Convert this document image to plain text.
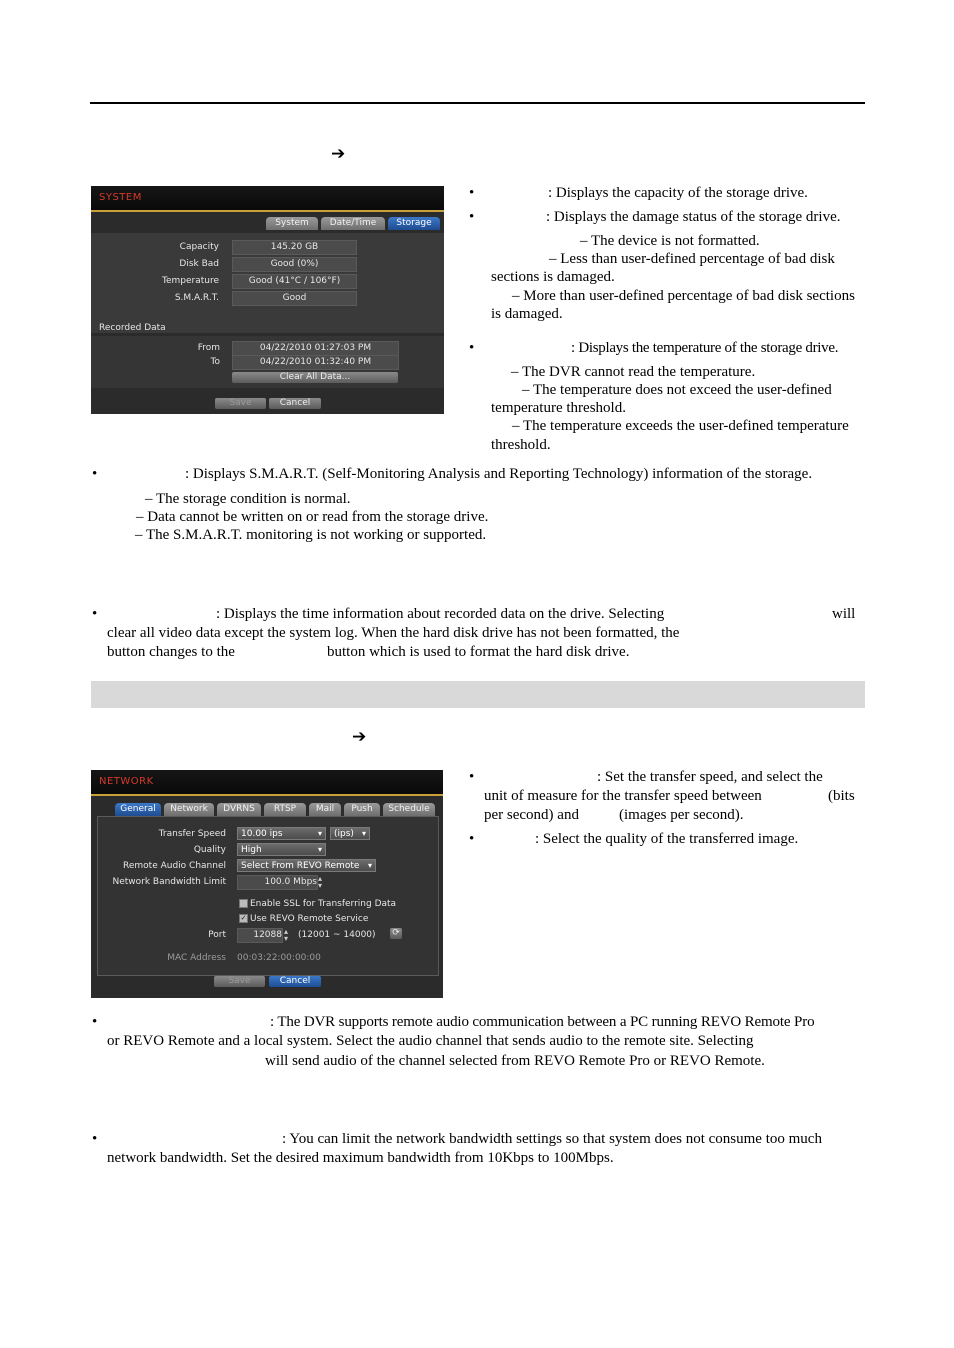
➔
SYSTEM
System	Date/Time	Storage
Capacity	145.20 GB
Disk Bad	Good (0%)
Temperature	Good (41°C / 106°F)
S.M.A.R.T.	Good
Recorded Data
From	04/22/2010 01:27:03 PM
To	04/22/2010 01:32:40 PM
Clear All Data...
Save	Cancel
•	: Displays the capacity of the storage drive.
•	: Displays the damage status of the storage drive.
– The device is not formatted.
– Less than user-defined percentage of bad disk
sections is damaged.
– More than user-defined percentage of bad disk sections
is damaged.
•	: Displays the temperature of the storage drive.
– The DVR cannot read the temperature.
– The temperature does not exceed the user-defined
temperature threshold.
– The temperature exceeds the user-defined temperature
threshold.
•	: Displays S.M.A.R.T. (Self-Monitoring Analysis and Reporting Technology) information of the storage.
– The storage condition is normal.
– Data cannot be written on or read from the storage drive.
– The S.M.A.R.T. monitoring is not working or supported.
•	: Displays the time information about recorded data on the drive. Selecting	will
clear all video data except the system log. When the hard disk drive has not been formatted, the
button changes to the	button which is used to format the hard disk drive.
➔
NETWORK
General	Network	DVRNS	RTSP	Mail	Push	Schedule
Transfer Speed	10.00 ips	▾	(ips) ▾
Quality	High	▾
Remote Audio Channel	Select From REVO Remote ▾
Network Bandwidth Limit	100.0 Mbps ▴
▾
Enable SSL for Transferring Data
✓ Use REVO Remote Service
Port	12088 ▴
▾ (12001 ~ 14000) ⟳
MAC Address 00:03:22:00:00:00
Save	Cancel
•	: Set the transfer speed, and select the
unit of measure for the transfer speed between	(bits
per second) and	(images per second).
•	: Select the quality of the transferred image.
•	: The DVR supports remote audio communication between a PC running REVO Remote Pro
or REVO Remote and a local system. Select the audio channel that sends audio to the remote site. Selecting
will send audio of the channel selected from REVO Remote Pro or REVO Remote.
•	: You can limit the network bandwidth settings so that system does not consume too much
network bandwidth. Set the desired maximum bandwidth from 10Kbps to 100Mbps.
